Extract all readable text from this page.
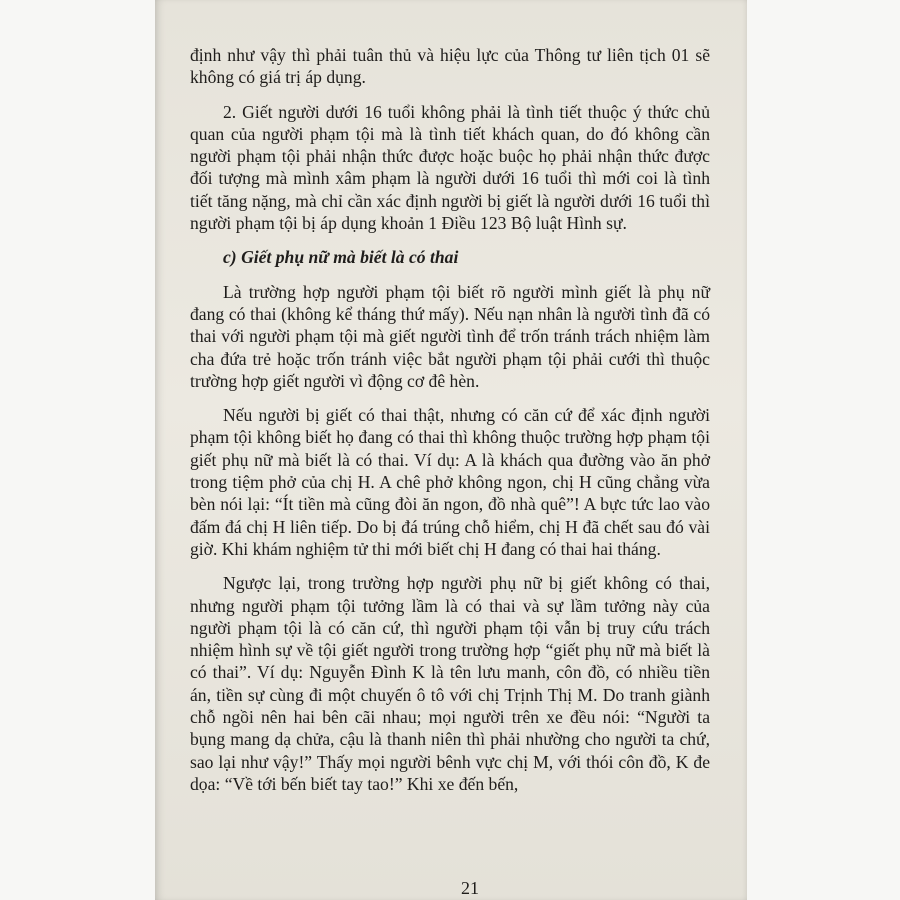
định như vậy thì phải tuân thủ và hiệu lực của Thông tư liên tịch 01 sẽ không có giá trị áp dụng.

2. Giết người dưới 16 tuổi không phải là tình tiết thuộc ý thức chủ quan của người phạm tội mà là tình tiết khách quan, do đó không cần người phạm tội phải nhận thức được hoặc buộc họ phải nhận thức được đối tượng mà mình xâm phạm là người dưới 16 tuổi thì mới coi là tình tiết tăng nặng, mà chỉ cần xác định người bị giết là người dưới 16 tuổi thì người phạm tội bị áp dụng khoản 1 Điều 123 Bộ luật Hình sự.

c) Giết phụ nữ mà biết là có thai

Là trường hợp người phạm tội biết rõ người mình giết là phụ nữ đang có thai (không kể tháng thứ mấy). Nếu nạn nhân là người tình đã có thai với người phạm tội mà giết người tình để trốn tránh trách nhiệm làm cha đứa trẻ hoặc trốn tránh việc bắt người phạm tội phải cưới thì thuộc trường hợp giết người vì động cơ đê hèn.

Nếu người bị giết có thai thật, nhưng có căn cứ để xác định người phạm tội không biết họ đang có thai thì không thuộc trường hợp phạm tội giết phụ nữ mà biết là có thai. Ví dụ: A là khách qua đường vào ăn phở trong tiệm phở của chị H. A chê phở không ngon, chị H cũng chẳng vừa bèn nói lại: “Ít tiền mà cũng đòi ăn ngon, đồ nhà quê”! A bực tức lao vào đấm đá chị H liên tiếp. Do bị đá trúng chỗ hiểm, chị H đã chết sau đó vài giờ. Khi khám nghiệm tử thi mới biết chị H đang có thai hai tháng.

Ngược lại, trong trường hợp người phụ nữ bị giết không có thai, nhưng người phạm tội tưởng lầm là có thai và sự lầm tưởng này của người phạm tội là có căn cứ, thì người phạm tội vẫn bị truy cứu trách nhiệm hình sự về tội giết người trong trường hợp “giết phụ nữ mà biết là có thai”. Ví dụ: Nguyễn Đình K là tên lưu manh, côn đồ, có nhiều tiền án, tiền sự cùng đi một chuyến ô tô với chị Trịnh Thị M. Do tranh giành chỗ ngồi nên hai bên cãi nhau; mọi người trên xe đều nói: “Người ta bụng mang dạ chửa, cậu là thanh niên thì phải nhường cho người ta chứ, sao lại như vậy!” Thấy mọi người bênh vực chị M, với thói côn đồ, K đe dọa: “Về tới bến biết tay tao!” Khi xe đến bến,

21
